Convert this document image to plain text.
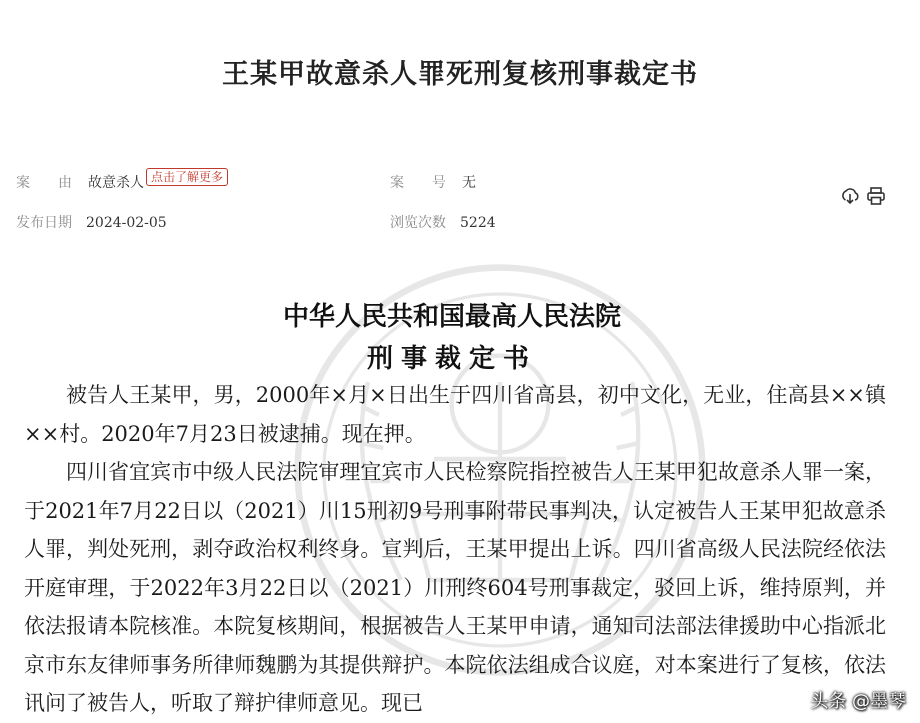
王某甲故意杀人罪死刑复核刑事裁定书
案　　由 故意杀人 点击了解更多	案　　号 无
发布日期 2024-02-05	浏览次数 5224
中华人民共和国最高人民法院
刑事裁定书

被告人王某甲，男，2000年×月×日出生于四川省高县，初中文化，无业，住高县××镇××村。2020年7月23日被逮捕。现在押。

四川省宜宾市中级人民法院审理宜宾市人民检察院指控被告人王某甲犯故意杀人罪一案，于2021年7月22日以（2021）川15刑初9号刑事附带民事判决，认定被告人王某甲犯故意杀人罪，判处死刑，剥夺政治权利终身。宣判后，王某甲提出上诉。四川省高级人民法院经依法开庭审理，于2022年3月22日以（2021）川刑终604号刑事裁定，驳回上诉，维持原判，并依法报请本院核准。本院复核期间，根据被告人王某甲申请，通知司法部法律援助中心指派北京市东友律师事务所律师魏鹏为其提供辩护。本院依法组成合议庭，对本案进行了复核，依法讯问了被告人，听取了辩护律师意见。现已	头条 @墨琴
